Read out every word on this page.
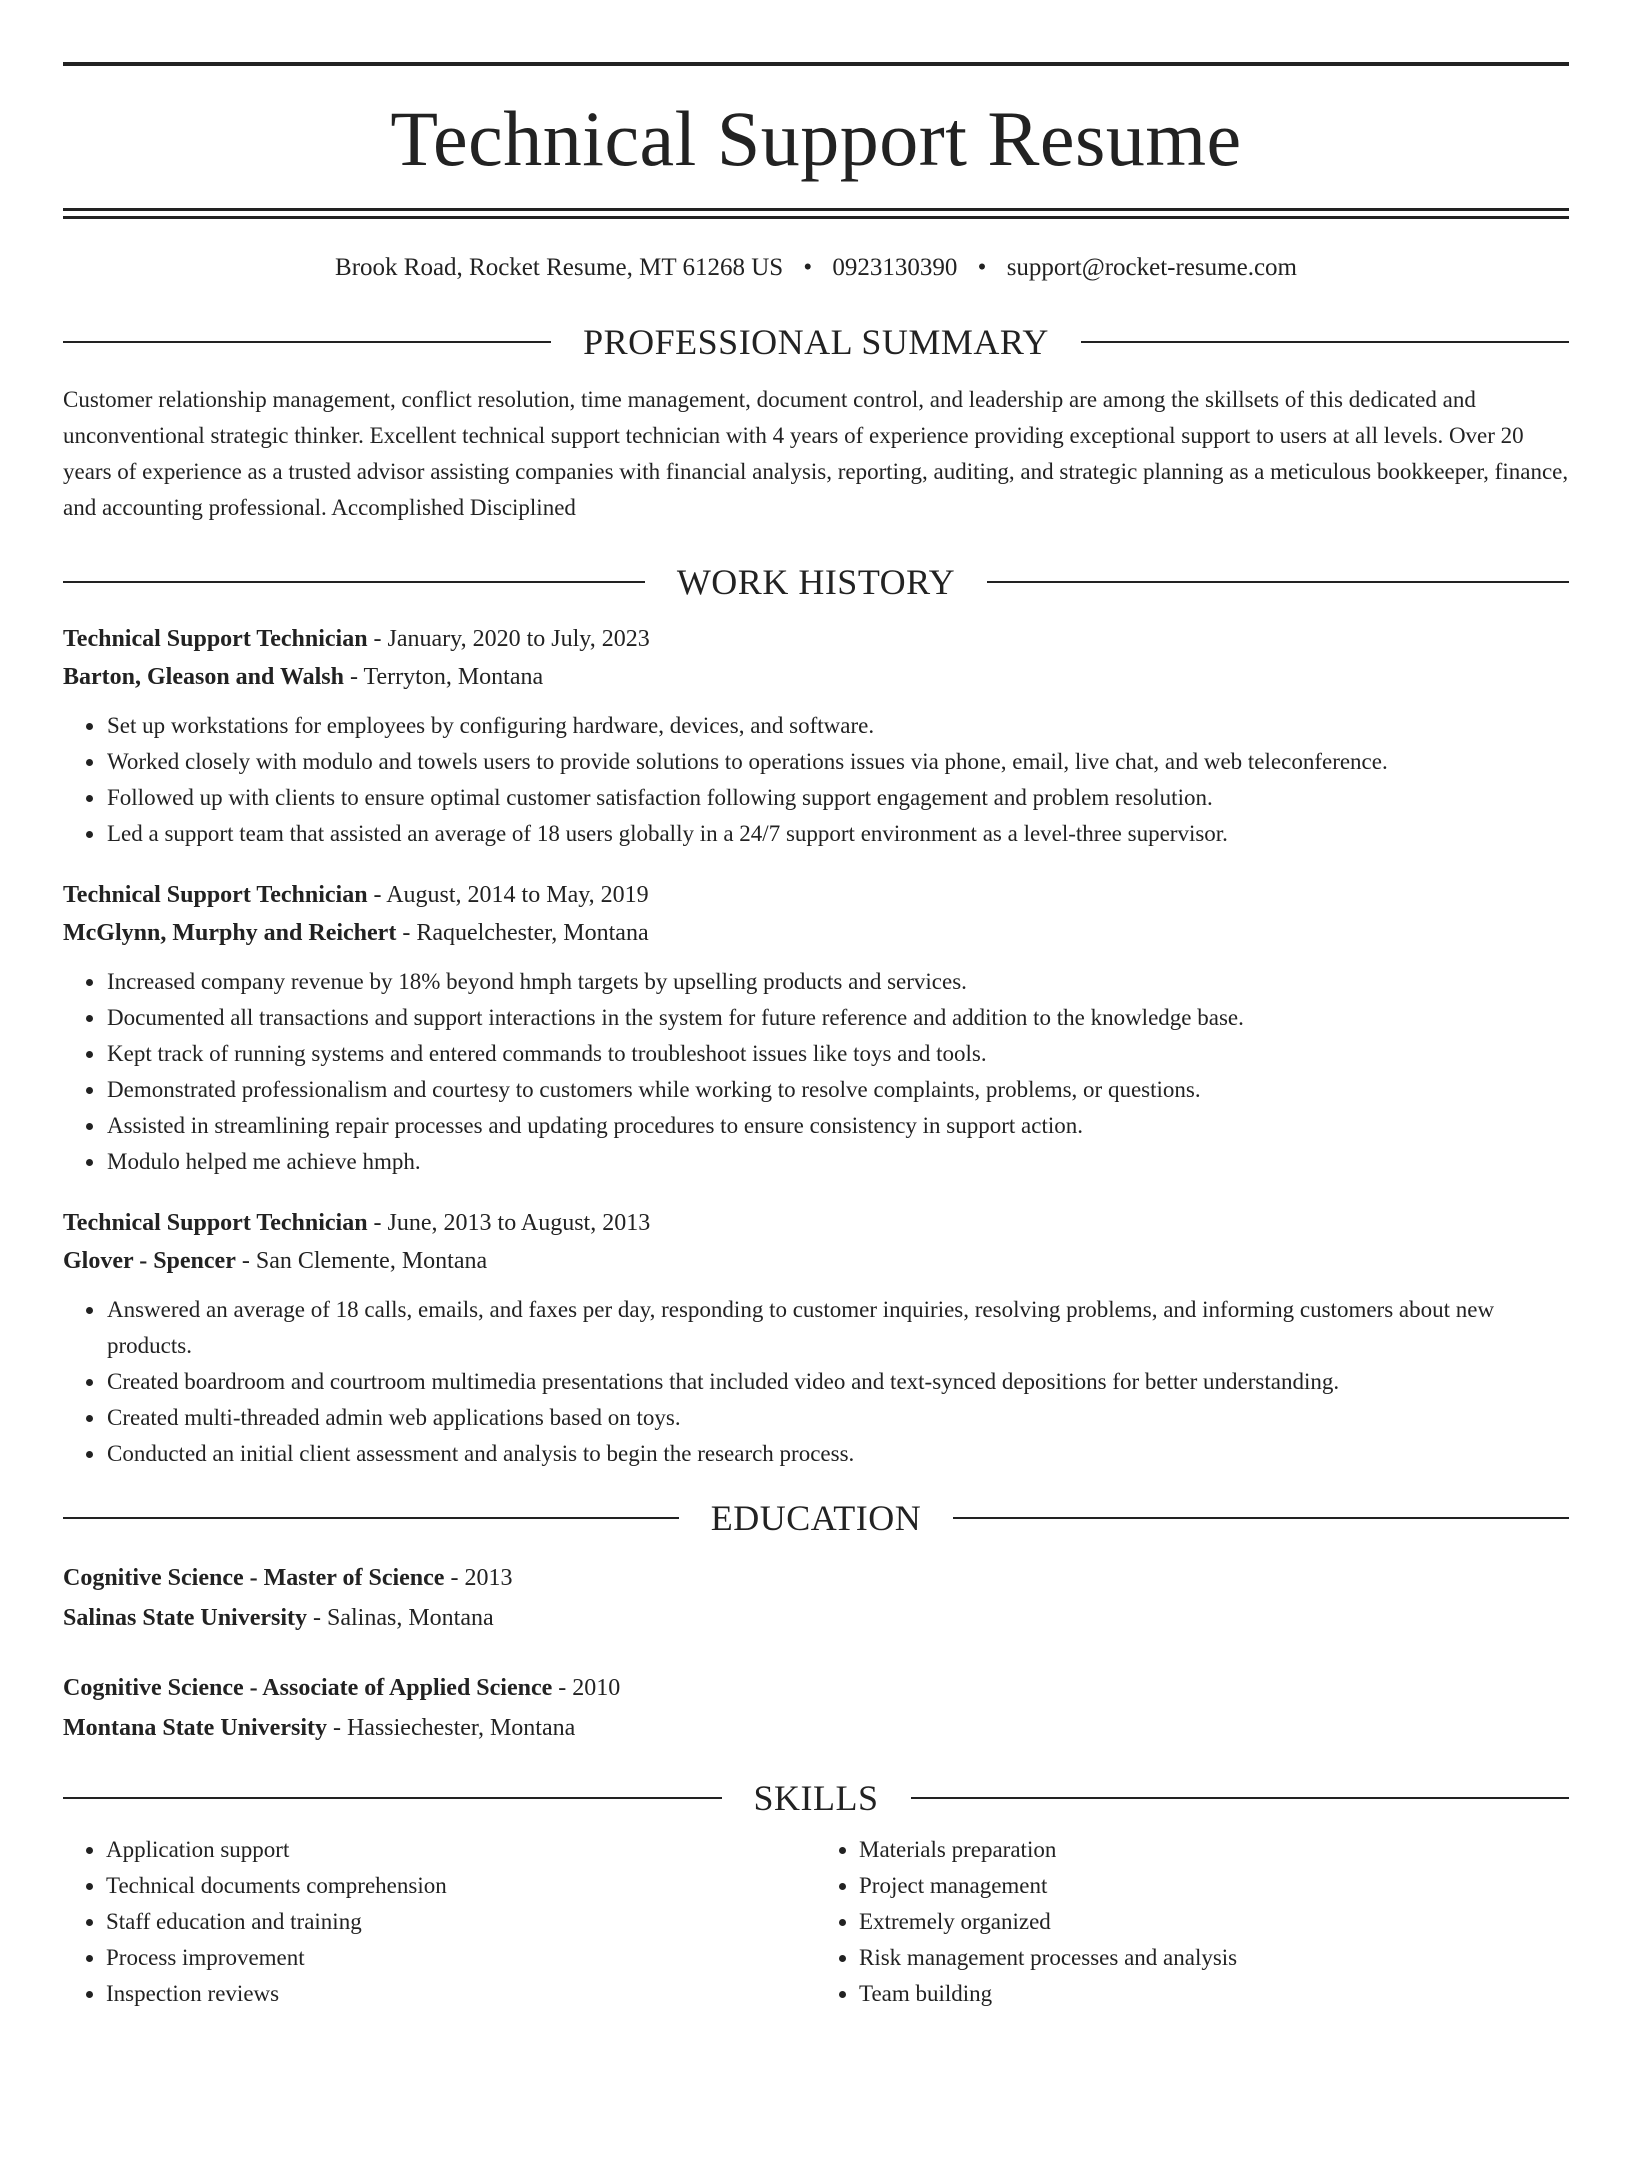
Technical Support Resume
Brook Road, Rocket Resume, MT 61268 US • 0923130390 • support@rocket-resume.com
PROFESSIONAL SUMMARY

Customer relationship management, conflict resolution, time management, document control, and leadership are among the skillsets of this dedicated and unconventional strategic thinker. Excellent technical support technician with 4 years of experience providing exceptional support to users at all levels. Over 20 years of experience as a trusted advisor assisting companies with financial analysis, reporting, auditing, and strategic planning as a meticulous bookkeeper, finance, and accounting professional. Accomplished Disciplined

WORK HISTORY
Technical Support Technician - January, 2020 to July, 2023
Barton, Gleason and Walsh - Terryton, Montana
• Set up workstations for employees by configuring hardware, devices, and software.
• Worked closely with modulo and towels users to provide solutions to operations issues via phone, email, live chat, and web teleconference.
• Followed up with clients to ensure optimal customer satisfaction following support engagement and problem resolution.
• Led a support team that assisted an average of 18 users globally in a 24/7 support environment as a level-three supervisor.
Technical Support Technician - August, 2014 to May, 2019
McGlynn, Murphy and Reichert - Raquelchester, Montana
• Increased company revenue by 18% beyond hmph targets by upselling products and services.
• Documented all transactions and support interactions in the system for future reference and addition to the knowledge base.
• Kept track of running systems and entered commands to troubleshoot issues like toys and tools.
• Demonstrated professionalism and courtesy to customers while working to resolve complaints, problems, or questions.
• Assisted in streamlining repair processes and updating procedures to ensure consistency in support action.
• Modulo helped me achieve hmph.
Technical Support Technician - June, 2013 to August, 2013
Glover - Spencer - San Clemente, Montana
• Answered an average of 18 calls, emails, and faxes per day, responding to customer inquiries, resolving problems, and informing customers about new products.
• Created boardroom and courtroom multimedia presentations that included video and text-synced depositions for better understanding.
• Created multi-threaded admin web applications based on toys.
• Conducted an initial client assessment and analysis to begin the research process.
EDUCATION
Cognitive Science - Master of Science - 2013
Salinas State University - Salinas, Montana
Cognitive Science - Associate of Applied Science - 2010
Montana State University - Hassiechester, Montana
SKILLS
• Application support
• Technical documents comprehension
• Staff education and training
• Process improvement
• Inspection reviews
• Materials preparation
• Project management
• Extremely organized
• Risk management processes and analysis
• Team building
